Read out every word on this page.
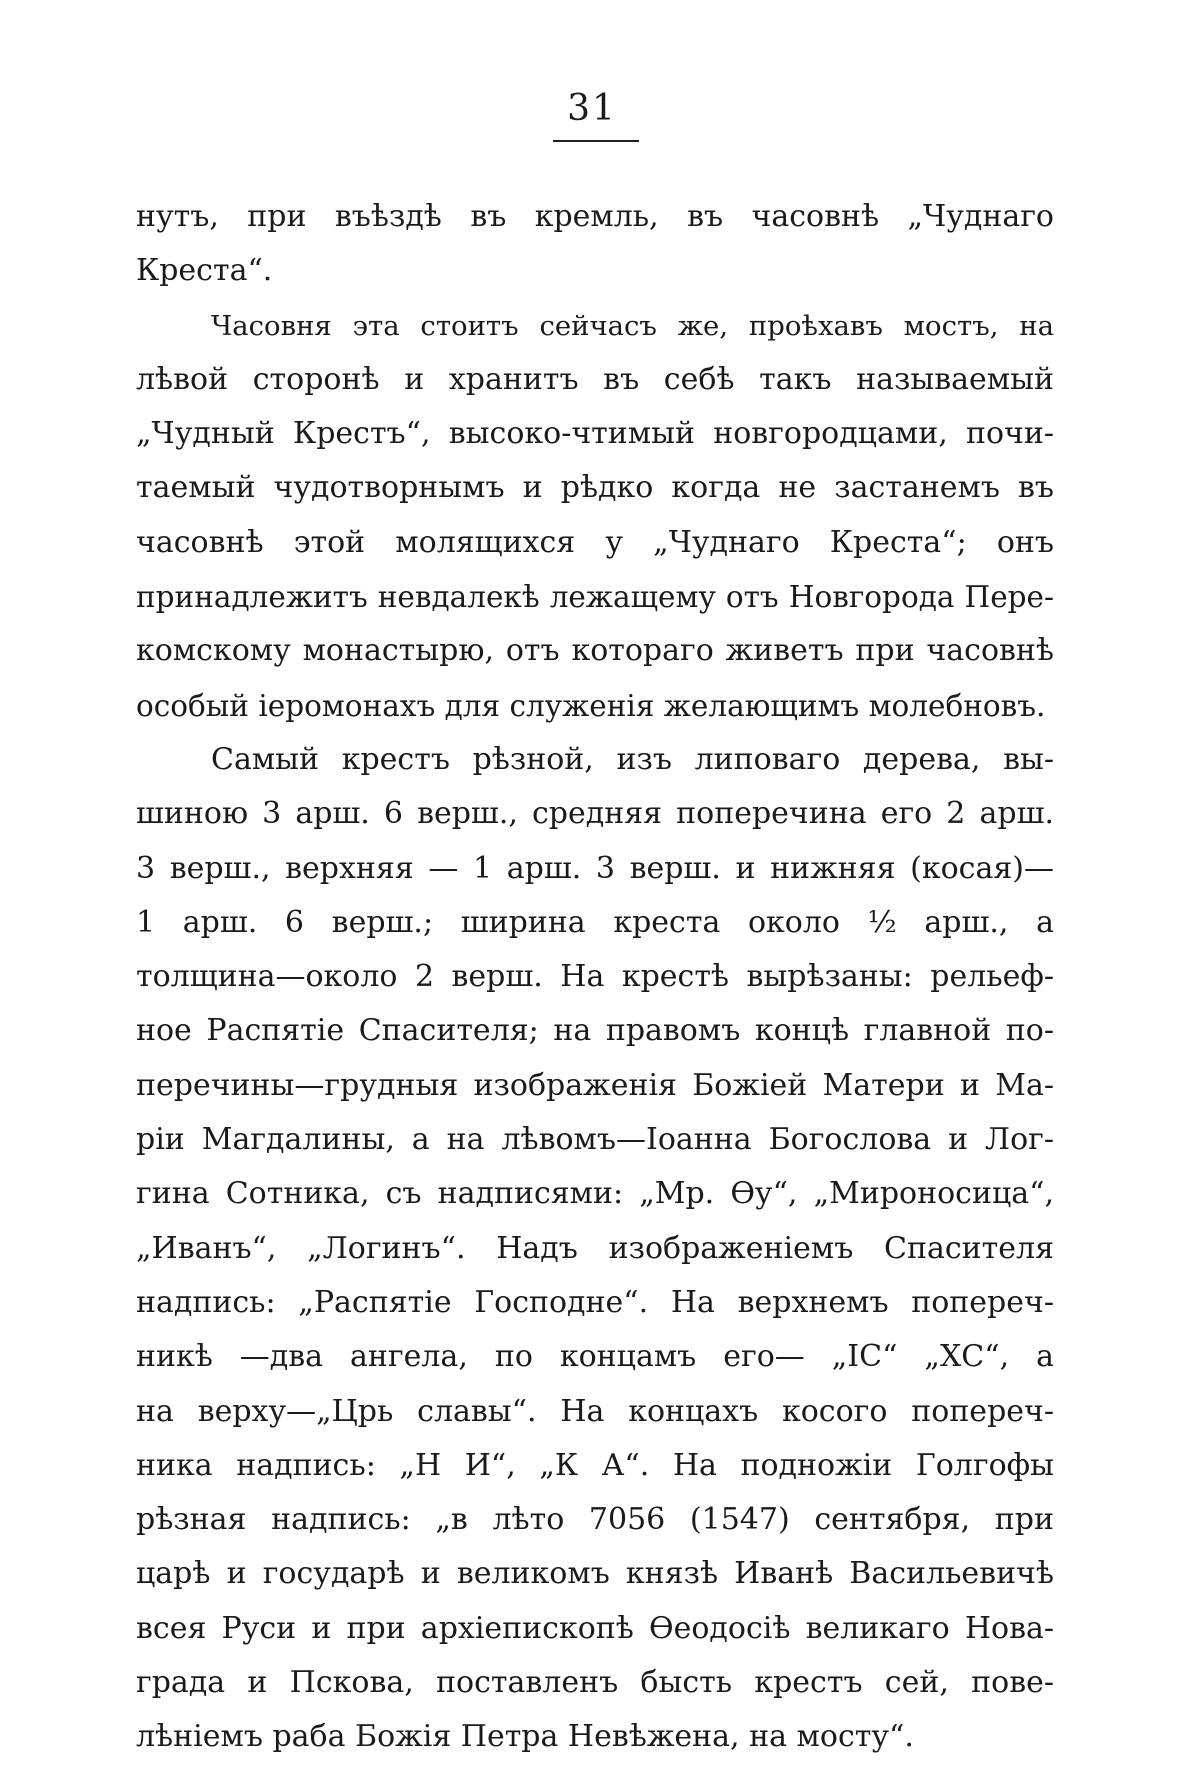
31
нутъ, при въѣздѣ въ кремль, въ часовнѣ „Чуднаго
Креста“.
Часовня эта стоитъ сейчасъ же, проѣхавъ мостъ, на
лѣвой сторонѣ и хранитъ въ себѣ такъ называемый
„Чудный Крестъ“, высоко-чтимый новгородцами, почи-
таемый чудотворнымъ и рѣдко когда не застанемъ въ
часовнѣ этой молящихся у „Чуднаго Креста“; онъ
принадлежитъ невдалекѣ лежащему отъ Новгорода Пере-
комскому монастырю, отъ котораго живетъ при часовнѣ
особый іеромонахъ для служенія желающимъ молебновъ.
Самый крестъ рѣзной, изъ липоваго дерева, вы-
шиною 3 арш. 6 верш., средняя поперечина его 2 арш.
3 верш., верхняя — 1 арш. 3 верш. и нижняя (косая)—
1 арш. 6 верш.; ширина креста около ½ арш., а
толщина—около 2 верш. На крестѣ вырѣзаны: рельеф-
ное Распятіе Спасителя; на правомъ концѣ главной по-
перечины—грудныя изображенія Божіей Матери и Ма-
ріи Магдалины, а на лѣвомъ—Іоанна Богослова и Лог-
гина Сотника, съ надписями: „Мр. Өу“, „Мироносица“,
„Иванъ“, „Логинъ“. Надъ изображеніемъ Спасителя
надпись: „Распятіе Господне“. На верхнемъ попереч-
никѣ —два ангела, по концамъ его— „IC“ „ХС“, а
на верху—„Црь славы“. На концахъ косого попереч-
ника надпись: „Н И“, „К А“. На подножіи Голгофы
рѣзная надпись: „в лѣто 7056 (1547) сентября, при
царѣ и государѣ и великомъ князѣ Иванѣ Васильевичѣ
всея Руси и при архіепископѣ Өеодосіѣ великаго Нова-
града и Пскова, поставленъ бысть крестъ сей, пове-
лѣніемъ раба Божія Петра Невѣжена, на мосту“.
